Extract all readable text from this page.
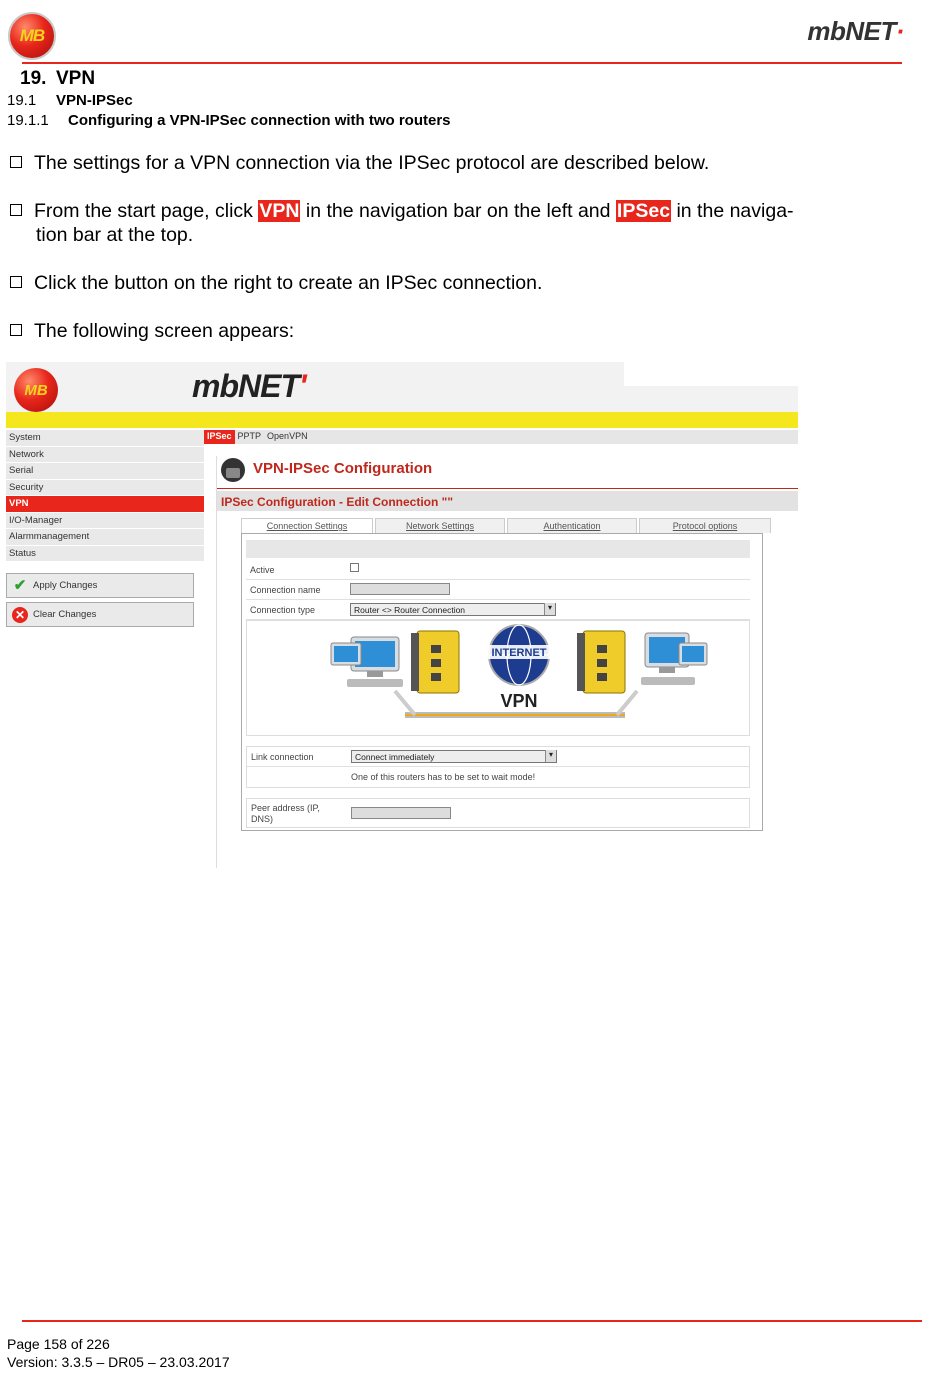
MB	mbNET·
19. VPN
19.1 VPN-IPSec
19.1.1 Configuring a VPN-IPSec connection with two routers
The settings for a VPN connection via the IPSec protocol are described below.
From the start page, click VPN in the navigation bar on the left and IPSec in the naviga-
tion bar at the top.
Click the button on the right to create an IPSec connection.
The following screen appears:
MB	mbNET'
System
Network
Serial
Security
VPN
I/O-Manager
Alarmmanagement
Status
✔ Apply Changes
✕ Clear Changes
IPSec PPTP OpenVPN
VPN-IPSec Configuration
IPSec Configuration - Edit Connection ""
Connection Settings	Network Settings	Authentication	Protocol options
Active
Connection name
Connection type	Router <> Router Connection ▾
INTERNET
VPN
Link connection	Connect immediately ▾
One of this routers has to be set to wait mode!
Peer address (IP,
DNS)
Page 158 of 226
Version: 3.3.5 – DR05 – 23.03.2017
